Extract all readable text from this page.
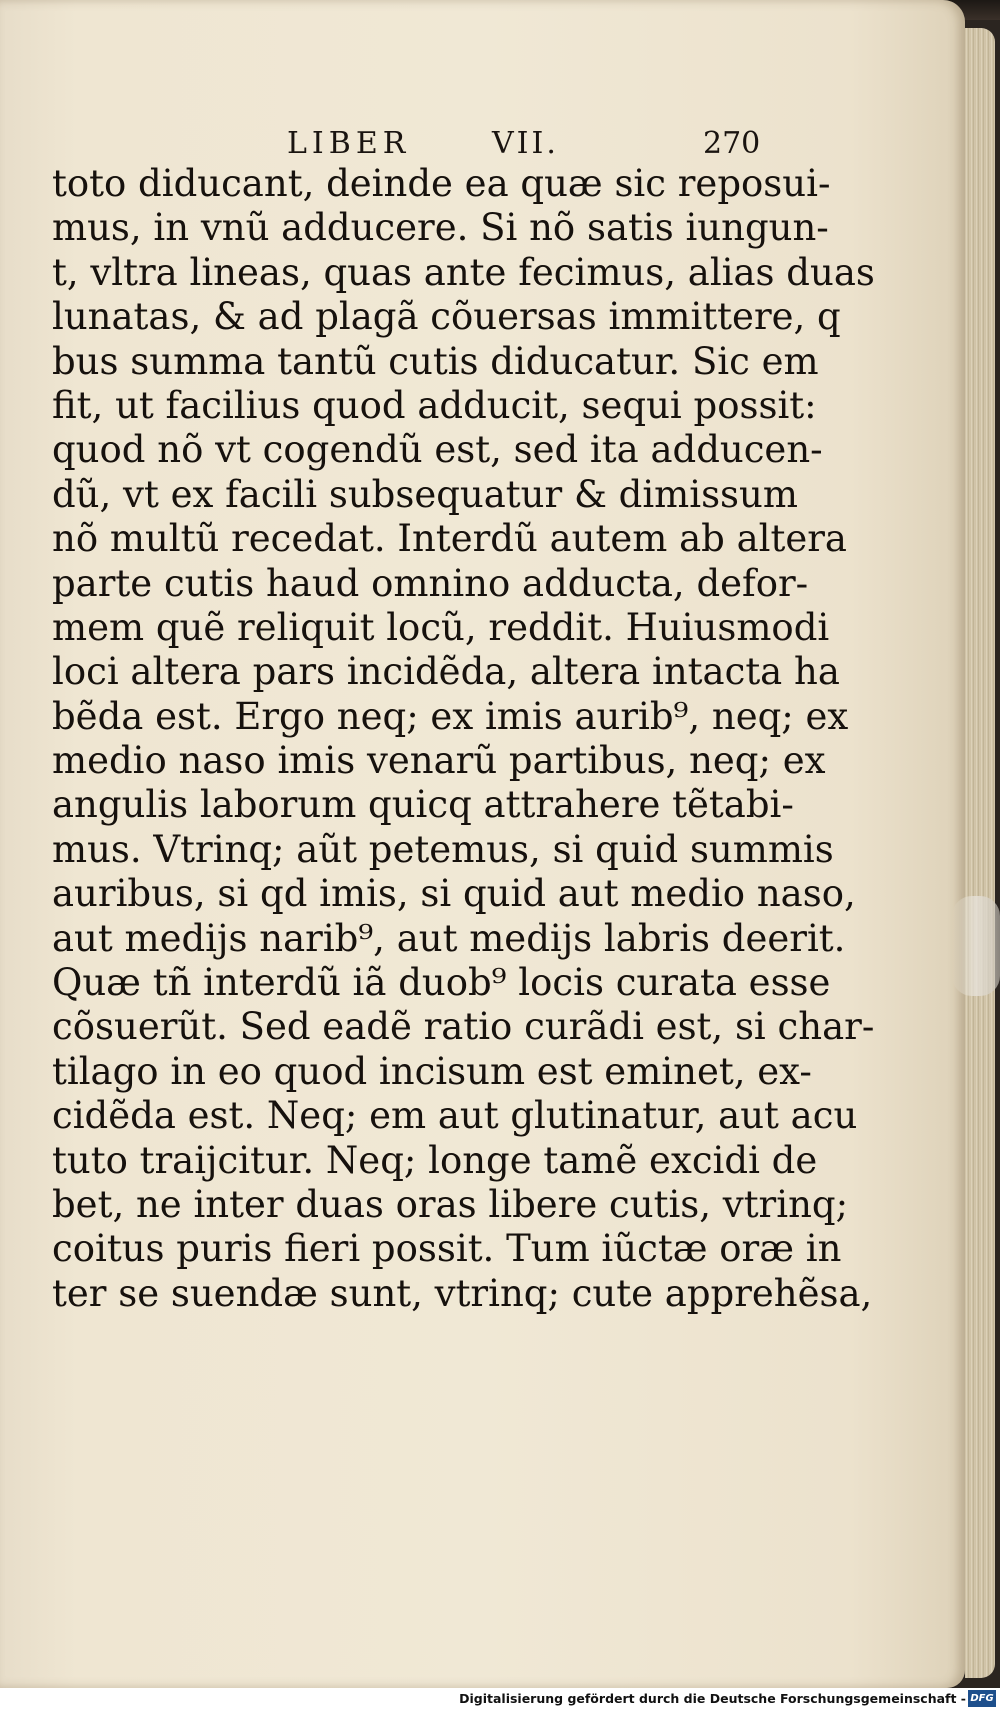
LIBER	VII.	270
toto diducant, deinde ea quæ sic reposui-
mus, in vnũ adducere. Si nõ satis iungun-
t, vltra lineas, quas ante fecimus, alias duas
lunatas, & ad plagã cõuersas immittere, q
bus summa tantũ cutis diducatur. Sic em
fit, ut facilius quod adducit, sequi possit:
quod nõ vt cogendũ est, sed ita adducen-
dũ, vt ex facili subsequatur & dimissum
nõ multũ recedat. Interdũ autem ab altera
parte cutis haud omnino adducta, defor-
mem quẽ reliquit locũ, reddit. Huiusmodi
loci altera pars incidẽda, altera intacta ha
bẽda est. Ergo neq; ex imis aurib⁹, neq; ex
medio naso imis venarũ partibus, neq; ex
angulis laborum quicq attrahere tẽtabi-
mus. Vtrinq; aũt petemus, si quid summis
auribus, si qd imis, si quid aut medio naso,
aut medijs narib⁹, aut medijs labris deerit.
Quæ tñ interdũ iã duob⁹ locis curata esse
cõsuerũt. Sed eadẽ ratio curãdi est, si char-
tilago in eo quod incisum est eminet, ex-
cidẽda est. Neq; em aut glutinatur, aut acu
tuto traijcitur. Neq; longe tamẽ excidi de
bet, ne inter duas oras libere cutis, vtrinq;
coitus puris fieri possit. Tum iũctæ oræ in
ter se suendæ sunt, vtrinq; cute apprehẽsa,
Digitalisierung gefördert durch die Deutsche Forschungsgemeinschaft - DFG
